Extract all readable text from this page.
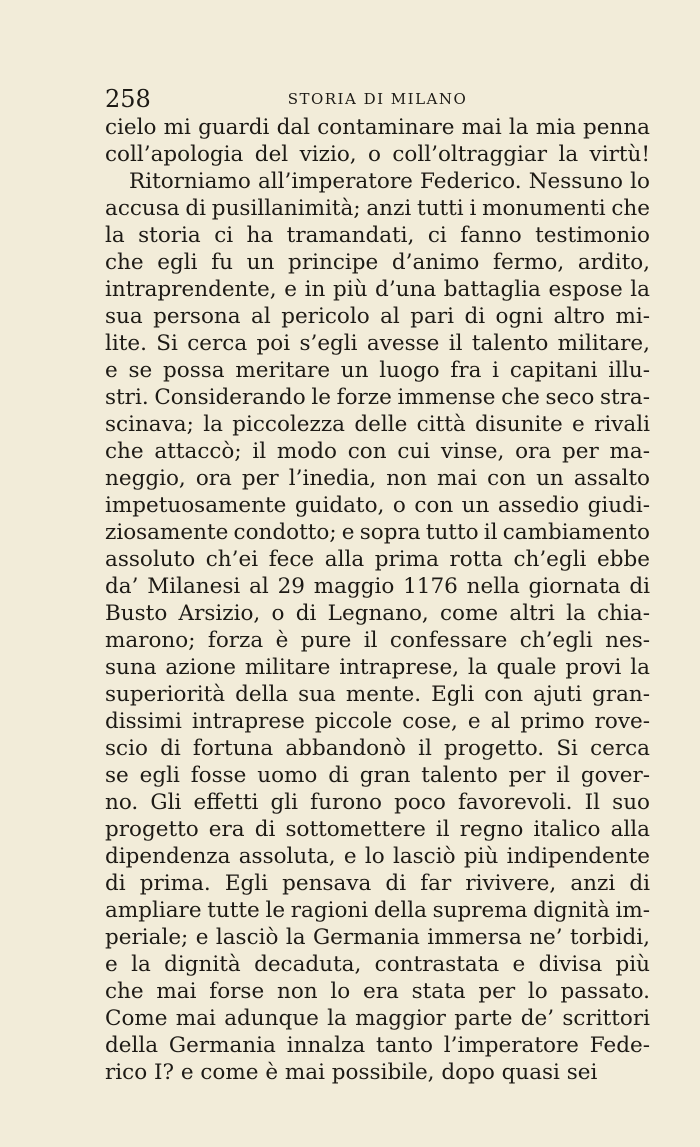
258	STORIA DI MILANO
cielo mi guardi dal contaminare mai la mia penna
coll’apologia del vizio, o coll’oltraggiar la virtù!
Ritorniamo all’imperatore Federico. Nessuno lo
accusa di pusillanimità; anzi tutti i monumenti che
la storia ci ha tramandati, ci fanno testimonio
che egli fu un principe d’animo fermo, ardito,
intraprendente, e in più d’una battaglia espose la
sua persona al pericolo al pari di ogni altro mi-
lite. Si cerca poi s’egli avesse il talento militare,
e se possa meritare un luogo fra i capitani illu-
stri. Considerando le forze immense che seco stra-
scinava; la piccolezza delle città disunite e rivali
che attaccò; il modo con cui vinse, ora per ma-
neggio, ora per l’inedia, non mai con un assalto
impetuosamente guidato, o con un assedio giudi-
ziosamente condotto; e sopra tutto il cambiamento
assoluto ch’ei fece alla prima rotta ch’egli ebbe
da’ Milanesi al 29 maggio 1176 nella giornata di
Busto Arsizio, o di Legnano, come altri la chia-
marono; forza è pure il confessare ch’egli nes-
suna azione militare intraprese, la quale provi la
superiorità della sua mente. Egli con ajuti gran-
dissimi intraprese piccole cose, e al primo rove-
scio di fortuna abbandonò il progetto. Si cerca
se egli fosse uomo di gran talento per il gover-
no. Gli effetti gli furono poco favorevoli. Il suo
progetto era di sottomettere il regno italico alla
dipendenza assoluta, e lo lasciò più indipendente
di prima. Egli pensava di far rivivere, anzi di
ampliare tutte le ragioni della suprema dignità im-
periale; e lasciò la Germania immersa ne’ torbidi,
e la dignità decaduta, contrastata e divisa più
che mai forse non lo era stata per lo passato.
Come mai adunque la maggior parte de’ scrittori
della Germania innalza tanto l’imperatore Fede-
rico I? e come è mai possibile, dopo quasi sei
